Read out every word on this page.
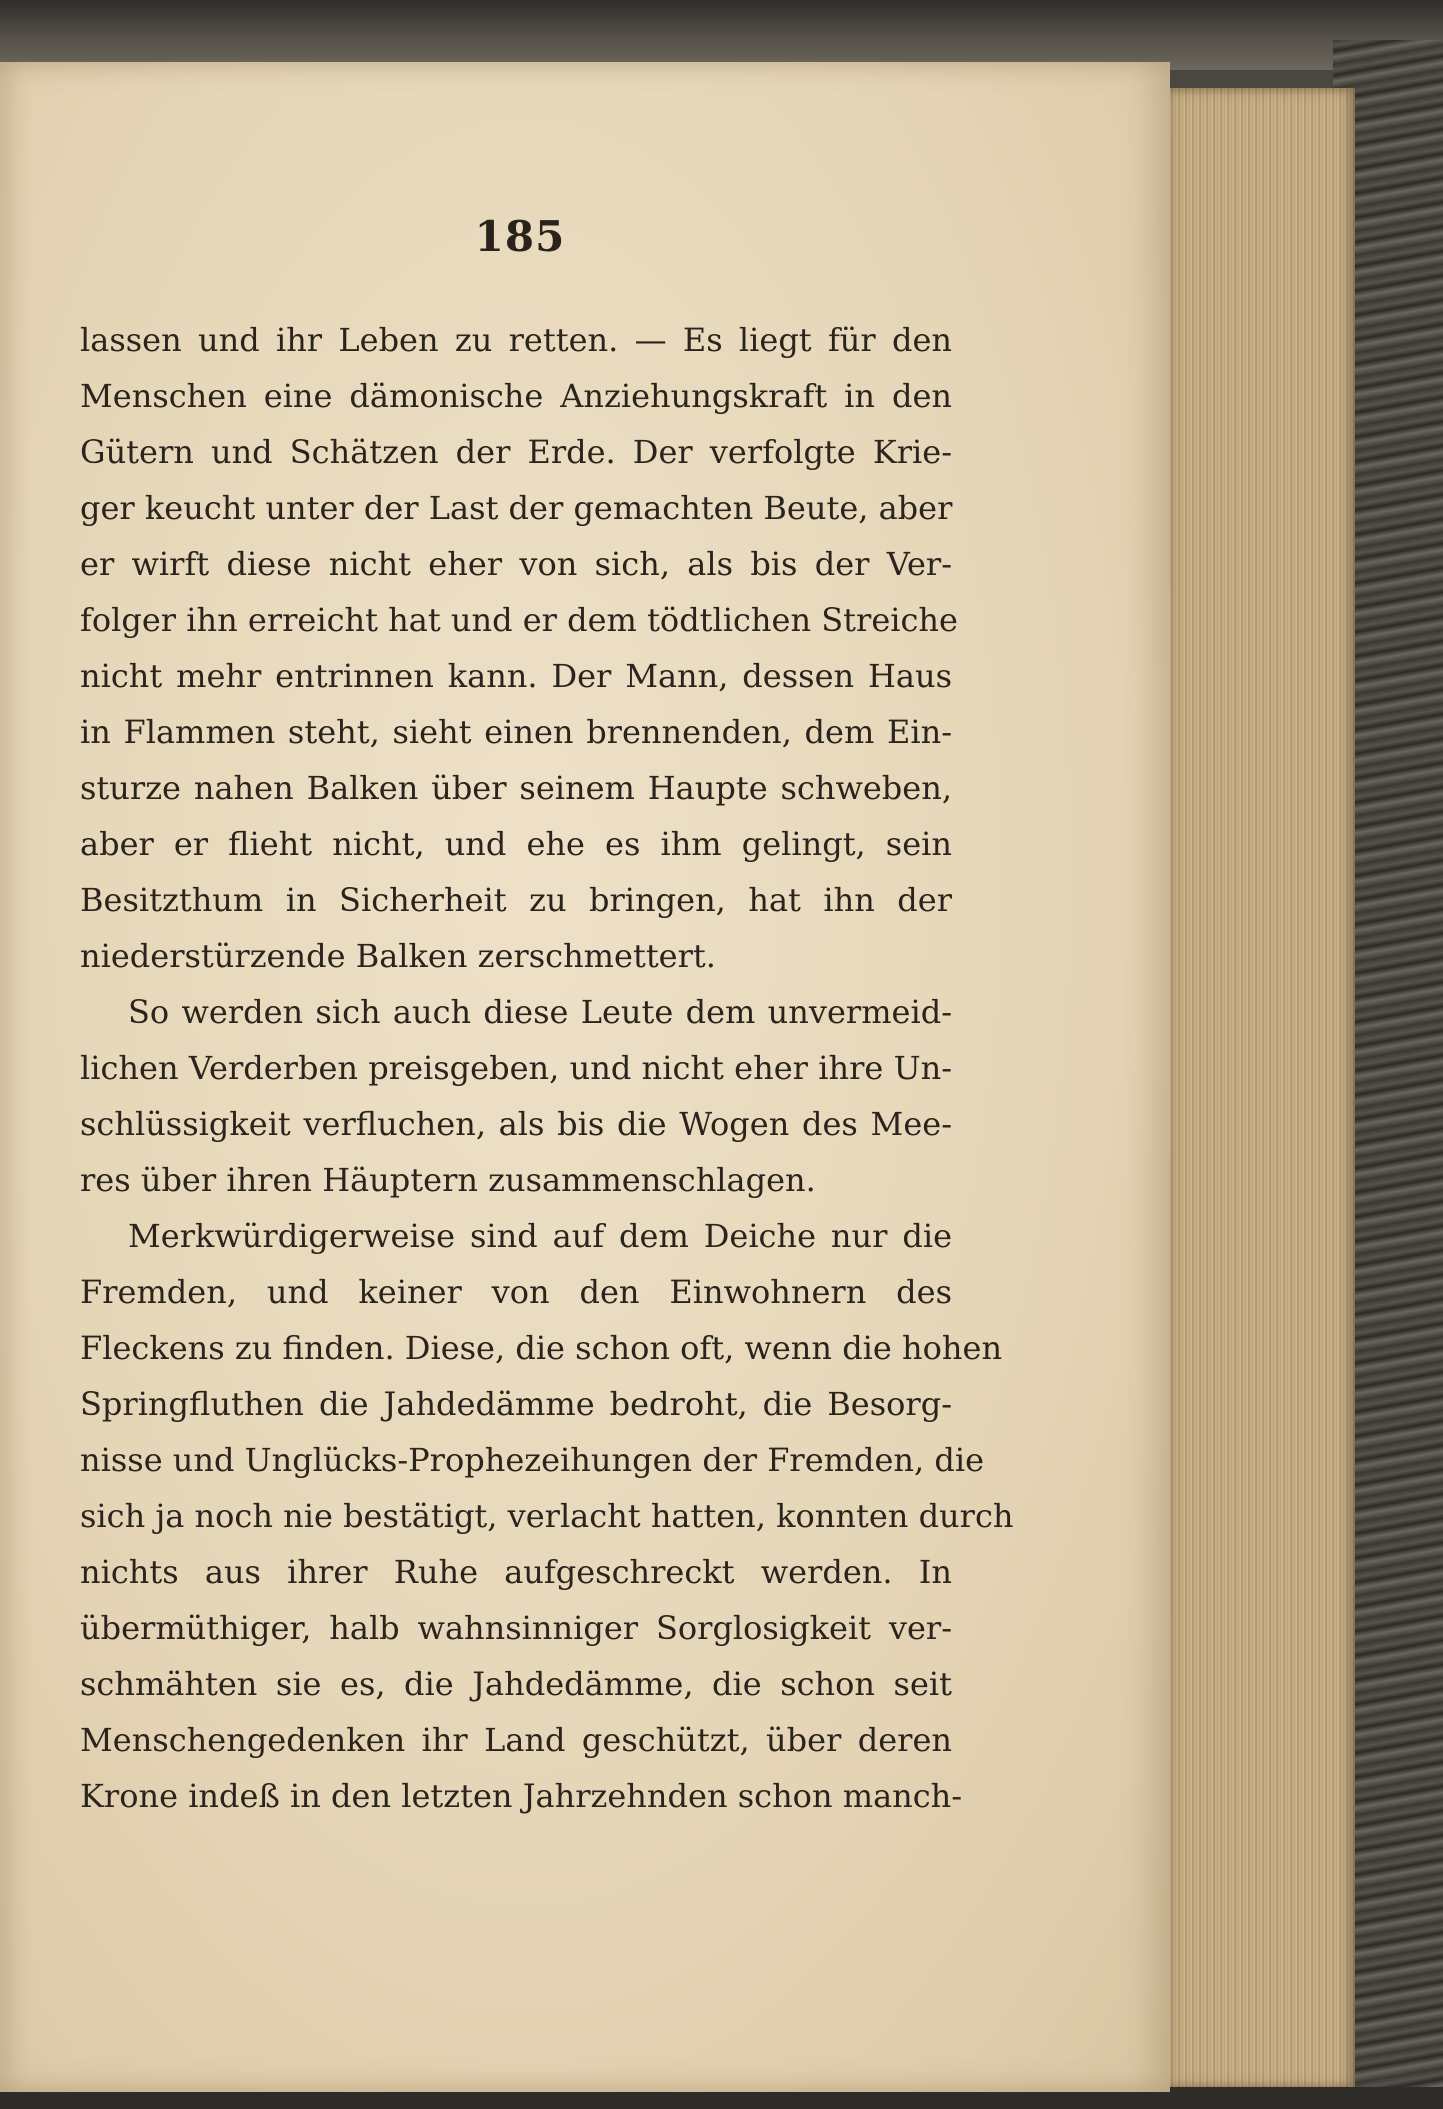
185
lassen und ihr Leben zu retten. — Es liegt für den
Menschen eine dämonische Anziehungskraft in den
Gütern und Schätzen der Erde. Der verfolgte Krie-
ger keucht unter der Last der gemachten Beute, aber
er wirft diese nicht eher von sich, als bis der Ver-
folger ihn erreicht hat und er dem tödtlichen Streiche
nicht mehr entrinnen kann. Der Mann, dessen Haus
in Flammen steht, sieht einen brennenden, dem Ein-
sturze nahen Balken über seinem Haupte schweben,
aber er flieht nicht, und ehe es ihm gelingt, sein
Besitzthum in Sicherheit zu bringen, hat ihn der
niederstürzende Balken zerschmettert.
So werden sich auch diese Leute dem unvermeid-
lichen Verderben preisgeben, und nicht eher ihre Un-
schlüssigkeit verfluchen, als bis die Wogen des Mee-
res über ihren Häuptern zusammenschlagen.
Merkwürdigerweise sind auf dem Deiche nur die
Fremden, und keiner von den Einwohnern des
Fleckens zu finden. Diese, die schon oft, wenn die hohen
Springfluthen die Jahdedämme bedroht, die Besorg-
nisse und Unglücks-Prophezeihungen der Fremden, die
sich ja noch nie bestätigt, verlacht hatten, konnten durch
nichts aus ihrer Ruhe aufgeschreckt werden. In
übermüthiger, halb wahnsinniger Sorglosigkeit ver-
schmähten sie es, die Jahdedämme, die schon seit
Menschengedenken ihr Land geschützt, über deren
Krone indeß in den letzten Jahrzehnden schon manch-
